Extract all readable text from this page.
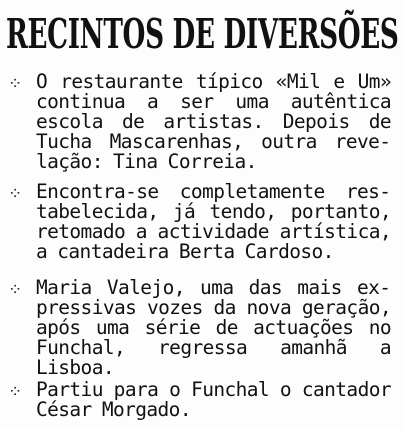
RECINTOS DE DIVERSÕES
⁘ O restaurante típico «Mil e Um» continua a ser uma autêntica escola de artistas. Depois de Tucha Mascarenhas, outra revelação: Tina Correia.

⁘ Encontra-se completamente restabelecida, já tendo, portanto, retomado a actividade artística, a cantadeira Berta Cardoso.

⁘ Maria Valejo, uma das mais expressivas vozes da nova geração, após uma série de actuações no Funchal, regressa amanhã a Lisboa.

⁘ Partiu para o Funchal o cantador César Morgado.
